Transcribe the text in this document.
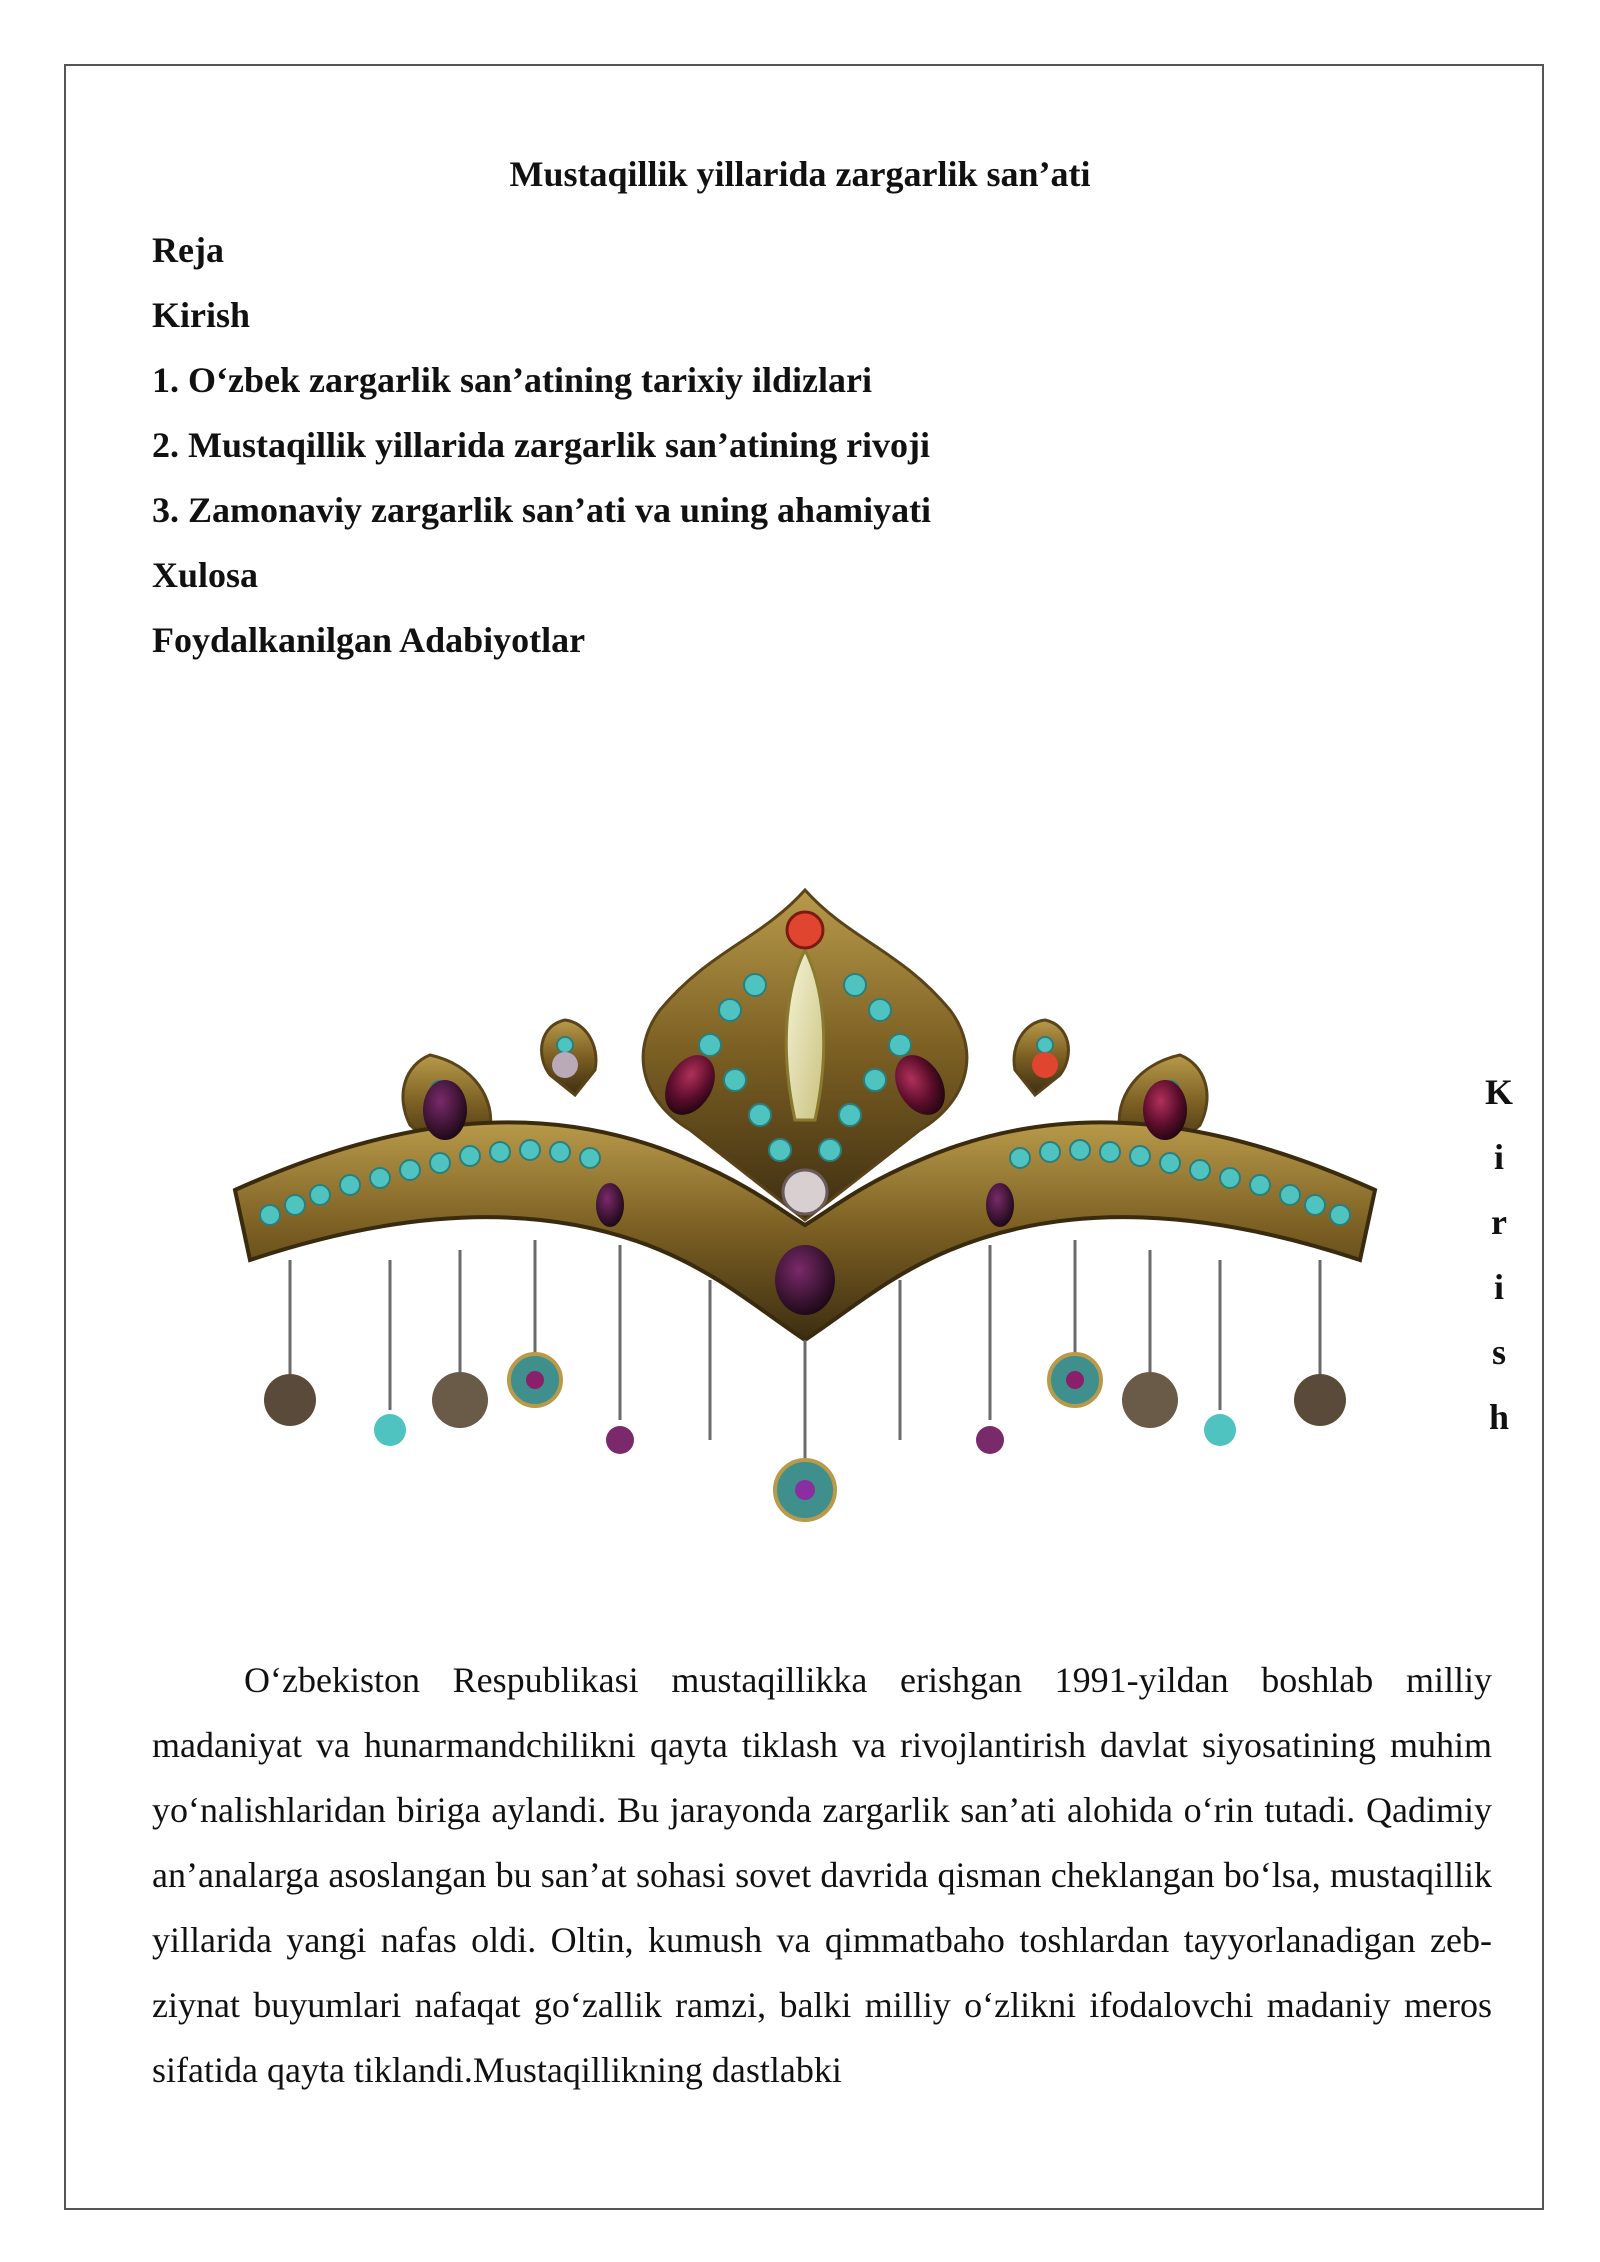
Mustaqillik yillarida zargarlik san’ati
Reja
Kirish
1. O‘zbek zargarlik san’atining tarixiy ildizlari
2. Mustaqillik yillarida zargarlik san’atining rivoji
3. Zamonaviy zargarlik san’ati va uning ahamiyati
Xulosa
Foydalkanilgan Adabiyotlar
K
i
r
i
s
h

O‘zbekiston Respublikasi mustaqillikka erishgan 1991-yildan boshlab milliy madaniyat va hunarmandchilikni qayta tiklash va rivojlantirish davlat siyosatining muhim yo‘nalishlaridan biriga aylandi. Bu jarayonda zargarlik san’ati alohida o‘rin tutadi. Qadimiy an’analarga asoslangan bu san’at sohasi sovet davrida qisman cheklangan bo‘lsa, mustaqillik yillarida yangi nafas oldi. Oltin, kumush va qimmatbaho toshlardan tayyorlanadigan zeb-ziynat buyumlari nafaqat go‘zallik ramzi, balki milliy o‘zlikni ifodalovchi madaniy meros sifatida qayta tiklandi.Mustaqillikning dastlabki
